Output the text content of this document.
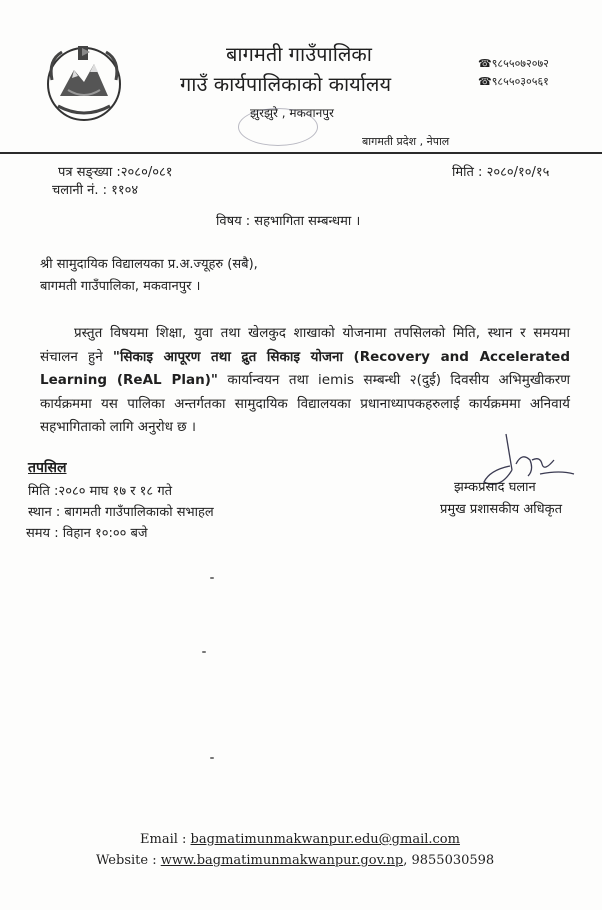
बागमती गाउँपालिका
गाउँ कार्यपालिकाको कार्यालय
झुरझुरे , मकवानपुर
☎९८५५०७२०७२
☎९८५५०३०५६१
बागमती प्रदेश , नेपाल
पत्र सङ्ख्या :२०८०/०८१
चलानी नं. : ११०४
मिति : २०८०/१०/१५
विषय : सहभागिता सम्बन्धमा ।
श्री सामुदायिक विद्यालयका प्र.अ.ज्यूहरु (सबै),
बागमती गाउँपालिका, मकवानपुर ।

प्रस्तुत विषयमा शिक्षा, युवा तथा खेलकुद शाखाको योजनामा तपसिलको मिति, स्थान र समयमा संचालन हुने "सिकाइ आपूरण तथा द्रुत सिकाइ योजना (Recovery and Accelerated Learning (ReAL Plan)" कार्यान्वयन तथा iemis सम्बन्धी २(दुई) दिवसीय अभिमुखीकरण कार्यक्रममा यस पालिका अन्तर्गतका सामुदायिक विद्यालयका प्रधानाध्यापकहरुलाई कार्यक्रममा अनिवार्य सहभागिताको लागि अनुरोध छ ।

तपसिल
मिति :२०८० माघ १७ र १८ गते
स्थान : बागमती गाउँपालिकाको सभाहल
समय : विहान १०:०० बजे
झम्कप्रसाद घलान
प्रमुख प्रशासकीय अधिकृत
Email : bagmatimunmakwanpur.edu@gmail.com
Website : www.bagmatimunmakwanpur.gov.np, 9855030598
